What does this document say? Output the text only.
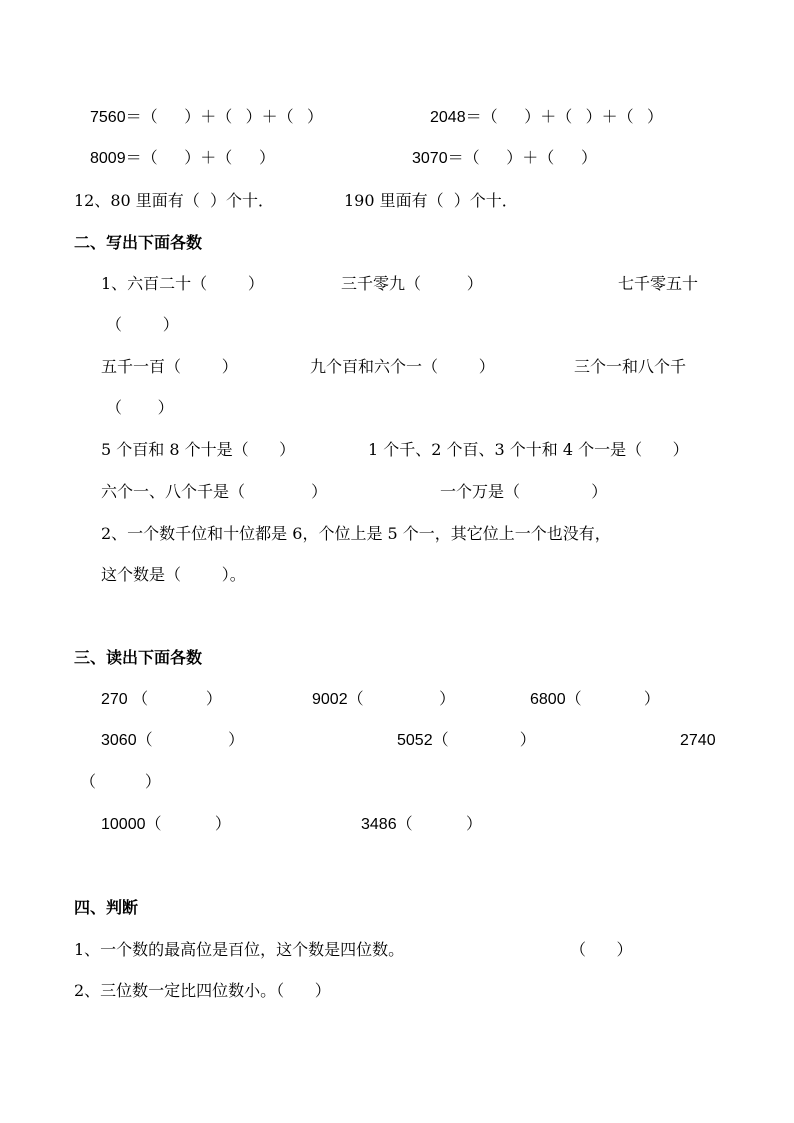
7560＝（      ）＋（   ）＋（   ）	2048＝（      ）＋（   ）＋（   ）
8009＝（      ）＋（      ）	3070＝（      ）＋（      ）
12、80 里面有（  ）个十．	190 里面有（  ）个十．
二、写出下面各数
1、六百二十（        ）	三千零九（         ）	七千零五十
（        ）
五千一百（        ）	九个百和六个一（        ）	三个一和八个千
（       ）
5 个百和 8 个十是（      ）	1 个千、2 个百、3 个十和 4 个一是（      ）
六个一、八个千是（             ）	一个万是（              ）
2、一个数千位和十位都是 6，个位上是 5 个一，其它位上一个也没有，
这个数是（        ）。
三、读出下面各数
270 （             ）	9002（                 ）	6800（              ）
3060（                 ）	5052（                ）	2740
（           ）
10000（            ）	3486（            ）
四、判断
1、一个数的最高位是百位，这个数是四位数。	（      ）
2、三位数一定比四位数小。（      ）
